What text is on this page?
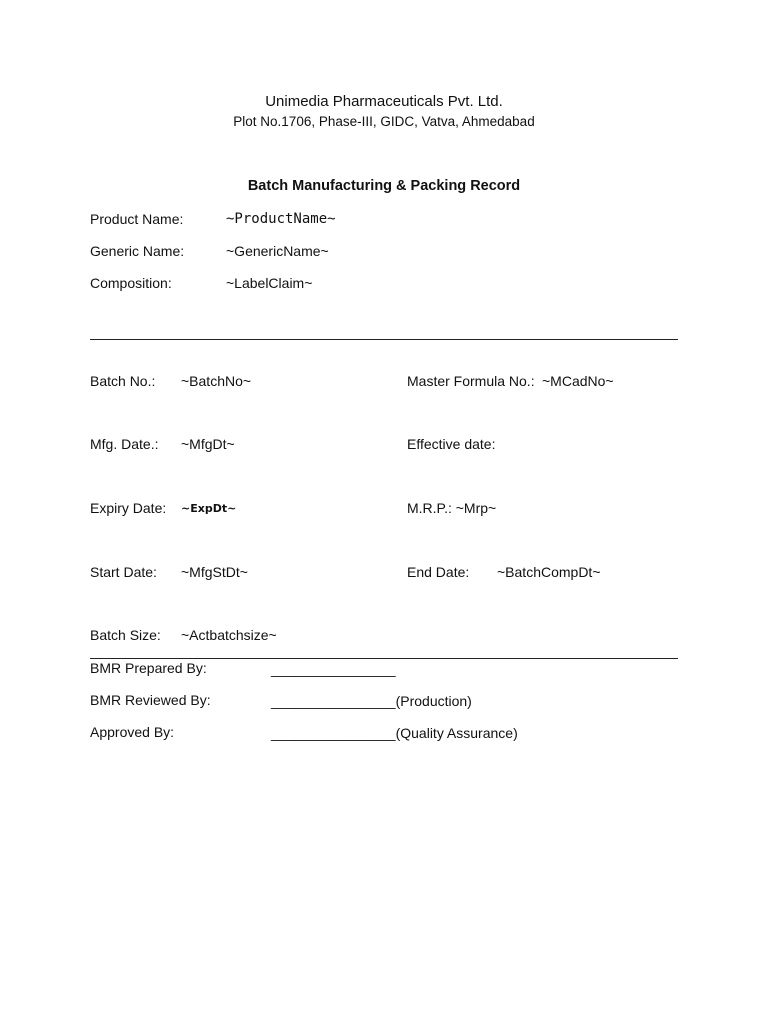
Unimedia Pharmaceuticals Pvt. Ltd.
Plot No.1706, Phase-III, GIDC, Vatva, Ahmedabad
Batch Manufacturing & Packing Record
Product Name:	~ProductName~
Generic Name:	~GenericName~
Composition:	~LabelClaim~
Batch No.: ~BatchNo~	Master Formula No.: ~MCadNo~
Mfg. Date.: ~MfgDt~	Effective date:
Expiry Date: ~ExpDt~	M.R.P.: ~Mrp~
Start Date: ~MfgStDt~	End Date: ~BatchCompDt~
Batch Size: ~Actbatchsize~
BMR Prepared By:	________________
BMR Reviewed By:	________________(Production)
Approved By:	________________(Quality Assurance)
